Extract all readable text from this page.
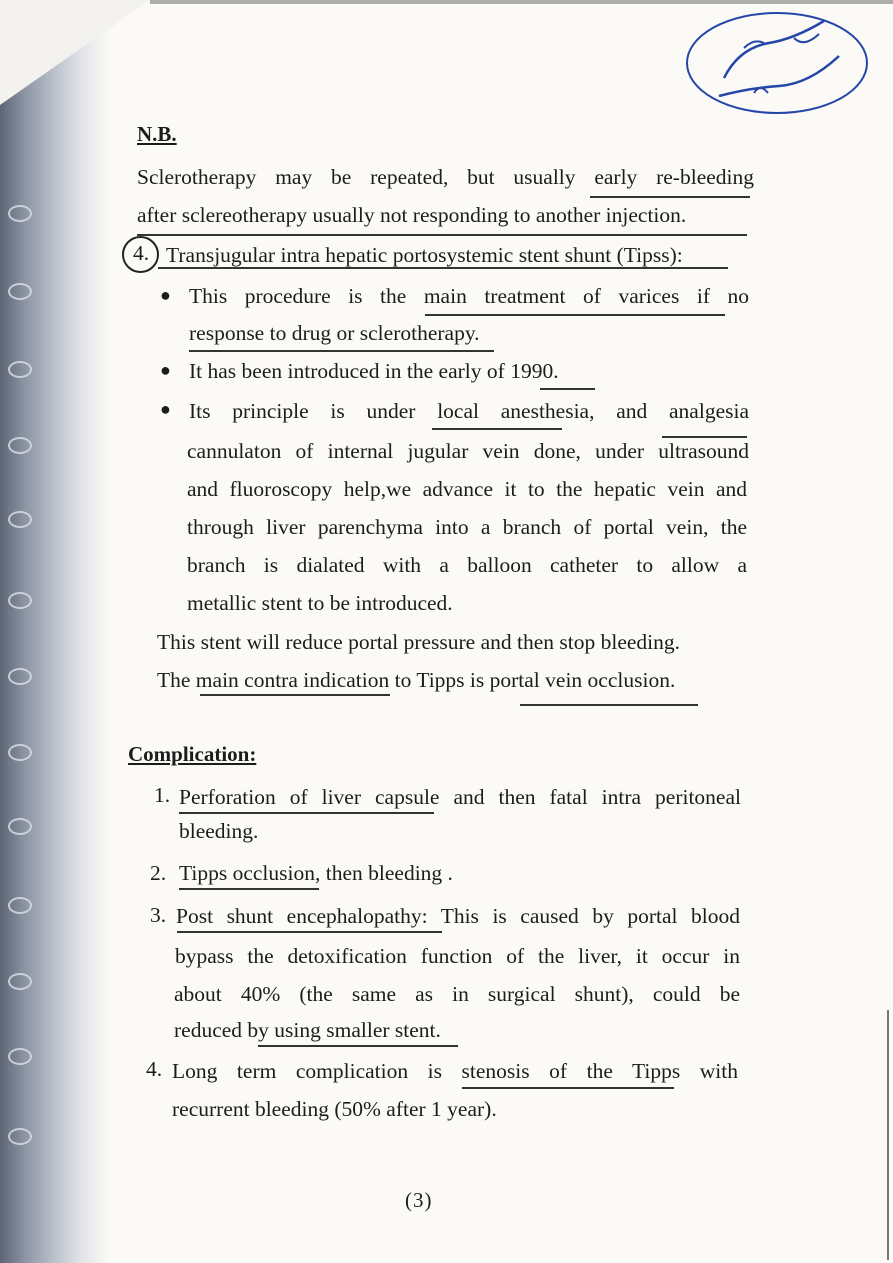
N.B.
Sclerotherapy may be repeated, but usually early re-bleeding
after sclereotherapy usually not responding to another injection.
4. Transjugular intra hepatic portosystemic stent shunt (Tipss):
● This procedure is the main treatment of varices if no
response to drug or sclerotherapy.
● It has been introduced in the early of 1990.
● Its principle is under local anesthesia, and analgesia
cannulaton of internal jugular vein done, under ultrasound
and fluoroscopy help,we advance it to the hepatic vein and
through liver parenchyma into a branch of portal vein, the
branch is dialated with a balloon catheter to allow a
metallic stent to be introduced.
This stent will reduce portal pressure and then stop bleeding.
The main contra indication to Tipps is portal vein occlusion.
Complication:
1. Perforation of liver capsule and then fatal intra peritoneal
bleeding.
2. Tipps occlusion, then bleeding .
3. Post shunt encephalopathy: This is caused by portal blood
bypass the detoxification function of the liver, it occur in
about 40% (the same as in surgical shunt), could be
reduced by using smaller stent.
4. Long term complication is stenosis of the Tipps with
recurrent bleeding (50% after 1 year).
(3)
